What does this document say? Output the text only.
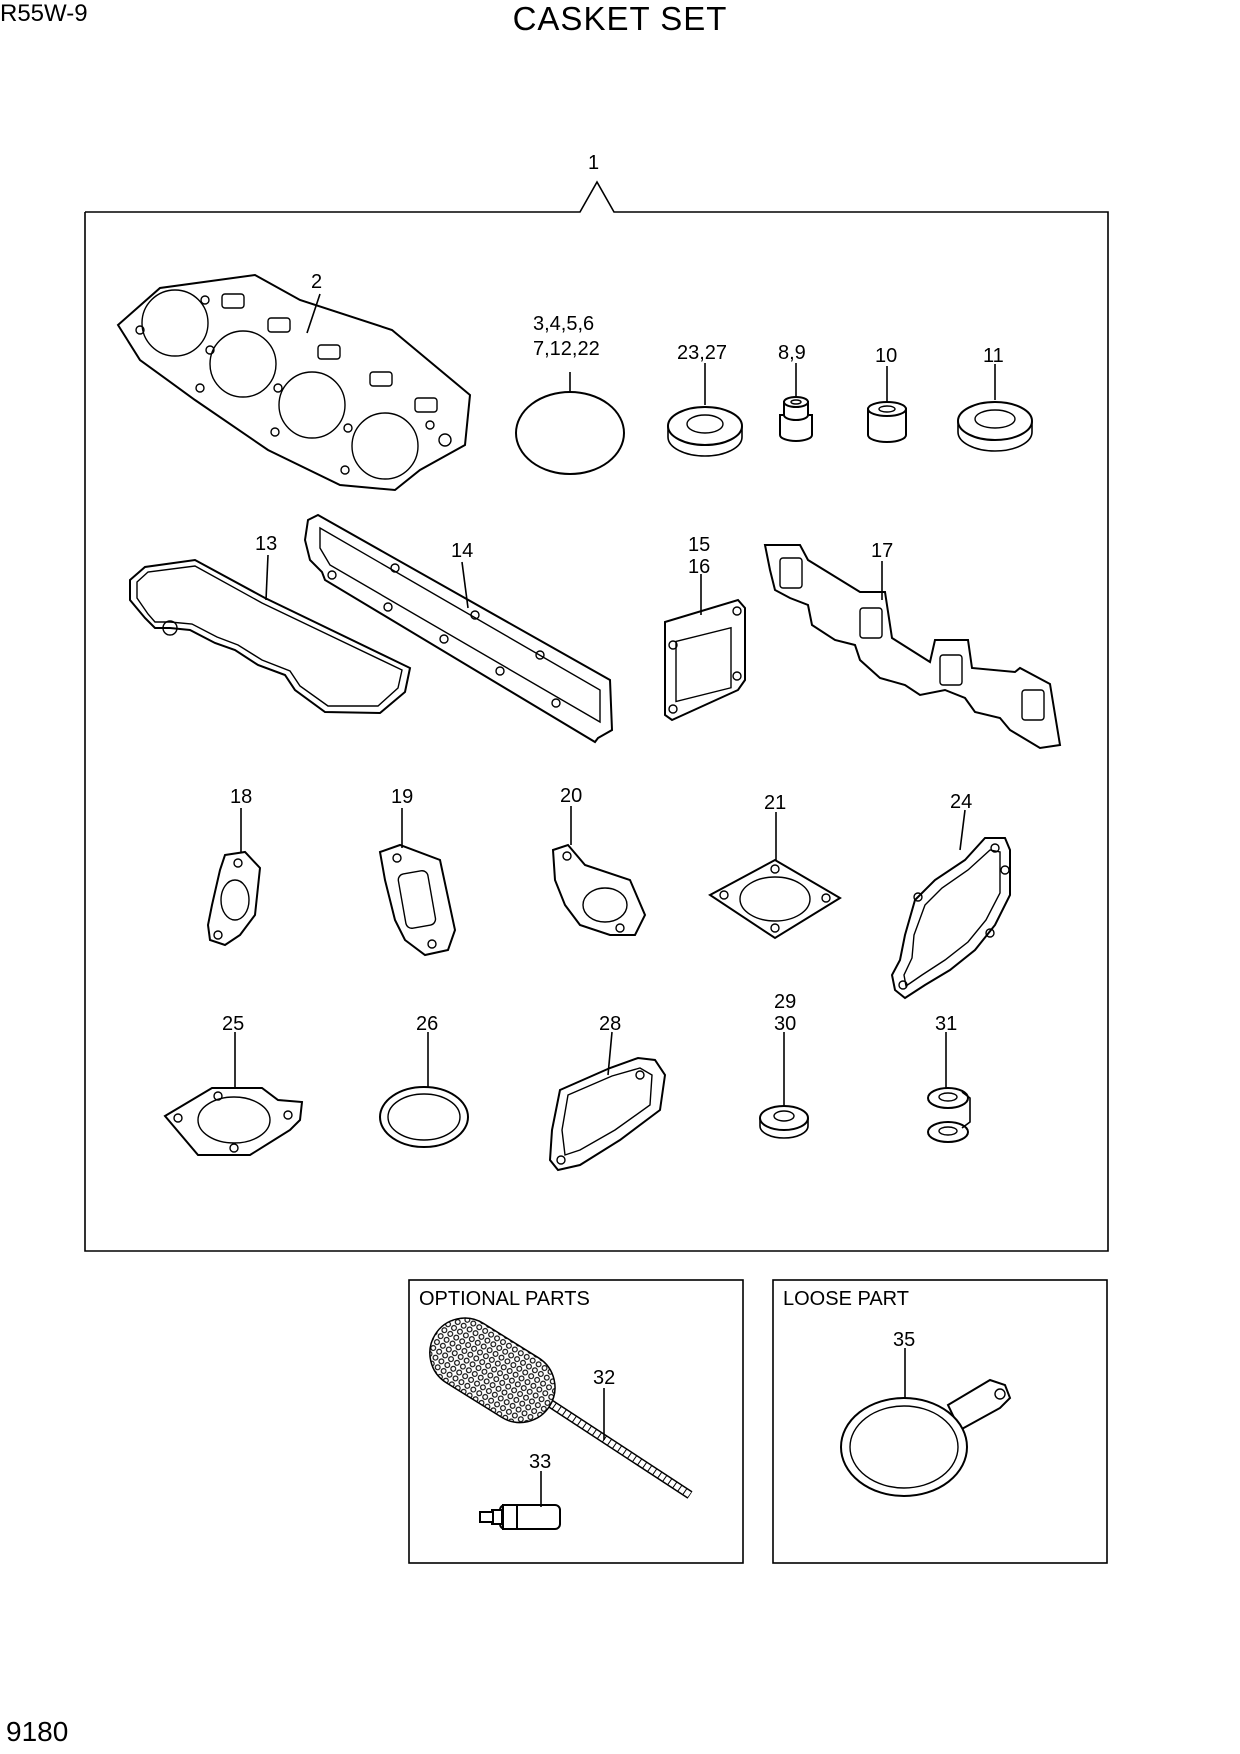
R55W-9	CASKET SET
9180
1
2
3,4,5,6
7,12,22	23,27	8,9	10	11
13	14	15
16
17
18	19	20	21	24
25	26	28
29
30	31
OPTIONAL PARTS
32
33
LOOSE PART
35
